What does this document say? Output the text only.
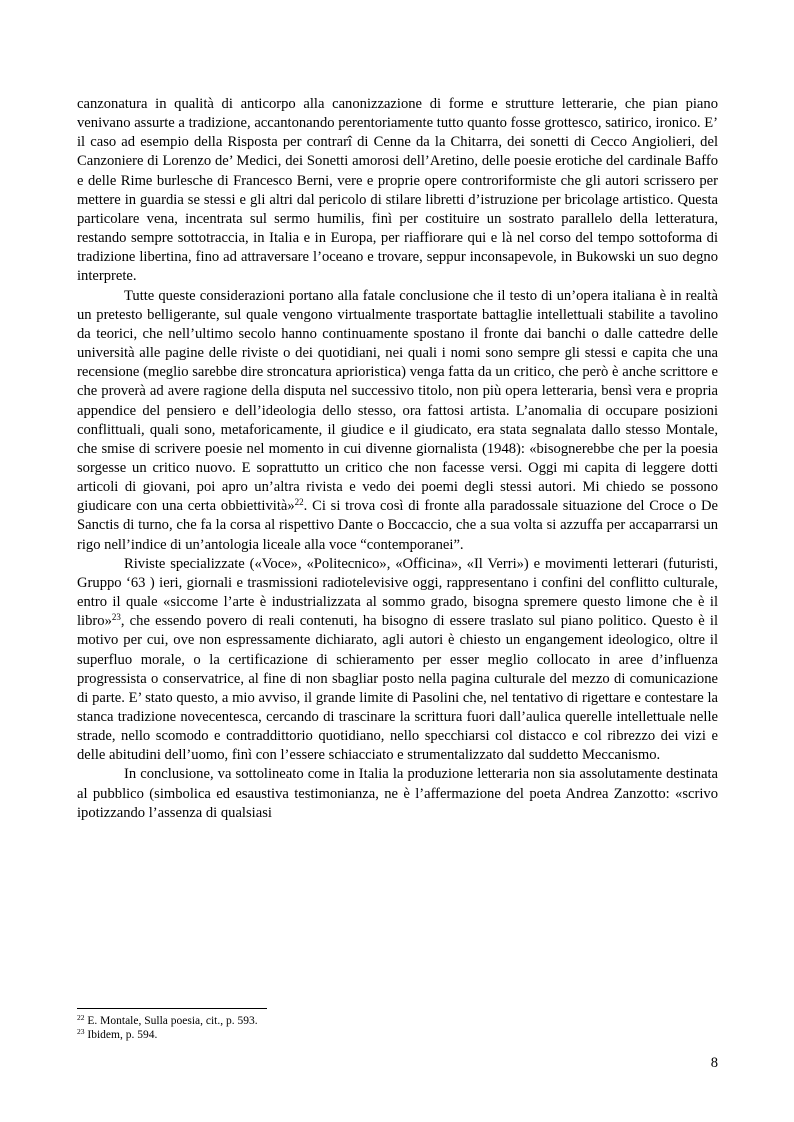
canzonatura in qualità di anticorpo alla canonizzazione di forme e strutture letterarie, che pian piano venivano assurte a tradizione, accantonando perentoriamente tutto quanto fosse grottesco, satirico, ironico. E’ il caso ad esempio della Risposta per contrarî di Cenne da la Chitarra, dei sonetti di Cecco Angiolieri, del Canzoniere di Lorenzo de’ Medici, dei Sonetti amorosi dell’Aretino, delle poesie erotiche del cardinale Baffo e delle Rime burlesche di Francesco Berni, vere e proprie opere controriformiste che gli autori scrissero per mettere in guardia se stessi e gli altri dal pericolo di stilare libretti d’istruzione per bricolage artistico. Questa particolare vena, incentrata sul sermo humilis, finì per costituire un sostrato parallelo della letteratura, restando sempre sottotraccia, in Italia e in Europa, per riaffiorare qui e là nel corso del tempo sottoforma di tradizione libertina, fino ad attraversare l’oceano e trovare, seppur inconsapevole, in Bukowski un suo degno interprete.

Tutte queste considerazioni portano alla fatale conclusione che il testo di un’opera italiana è in realtà un pretesto belligerante, sul quale vengono virtualmente trasportate battaglie intellettuali stabilite a tavolino da teorici, che nell’ultimo secolo hanno continuamente spostano il fronte dai banchi o dalle cattedre delle università alle pagine delle riviste o dei quotidiani, nei quali i nomi sono sempre gli stessi e capita che una recensione (meglio sarebbe dire stroncatura aprioristica) venga fatta da un critico, che però è anche scrittore e che proverà ad avere ragione della disputa nel successivo titolo, non più opera letteraria, bensì vera e propria appendice del pensiero e dell’ideologia dello stesso, ora fattosi artista. L’anomalia di occupare posizioni conflittuali, quali sono, metaforicamente, il giudice e il giudicato, era stata segnalata dallo stesso Montale, che smise di scrivere poesie nel momento in cui divenne giornalista (1948): «bisognerebbe che per la poesia sorgesse un critico nuovo. E soprattutto un critico che non facesse versi. Oggi mi capita di leggere dotti articoli di giovani, poi apro un’altra rivista e vedo dei poemi degli stessi autori. Mi chiedo se possono giudicare con una certa obbiettività»$^{22}$. Ci si trova così di fronte alla paradossale situazione del Croce o De Sanctis di turno, che fa la corsa al rispettivo Dante o Boccaccio, che a sua volta si azzuffa per accaparrarsi un rigo nell’indice di un’antologia liceale alla voce “contemporanei”.

Riviste specializzate («Voce», «Politecnico», «Officina», «Il Verri») e movimenti letterari (futuristi, Gruppo ‘63 ) ieri, giornali e trasmissioni radiotelevisive oggi, rappresentano i confini del conflitto culturale, entro il quale «siccome l’arte è industrializzata al sommo grado, bisogna spremere questo limone che è il libro»$^{23}$, che essendo povero di reali contenuti, ha bisogno di essere traslato sul piano politico. Questo è il motivo per cui, ove non espressamente dichiarato, agli autori è chiesto un engangement ideologico, oltre il superfluo morale, o la certificazione di schieramento per esser meglio collocato in aree d’influenza progressista o conservatrice, al fine di non sbagliar posto nella pagina culturale del mezzo di comunicazione di parte. E’ stato questo, a mio avviso, il grande limite di Pasolini che, nel tentativo di rigettare e contestare la stanca tradizione novecentesca, cercando di trascinare la scrittura fuori dall’aulica querelle intellettuale nelle strade, nello scomodo e contraddittorio quotidiano, nello specchiarsi col distacco e col ribrezzo dei vizi e delle abitudini dell’uomo, finì con l’essere schiacciato e strumentalizzato dal suddetto Meccanismo.

In conclusione, va sottolineato come in Italia la produzione letteraria non sia assolutamente destinata al pubblico (simbolica ed esaustiva testimonianza, ne è l’affermazione del poeta Andrea Zanzotto: «scrivo ipotizzando l’assenza di qualsiasi

$^{22}$ E. Montale, Sulla poesia, cit., p. 593.
$^{23}$ Ibidem, p. 594.
8
